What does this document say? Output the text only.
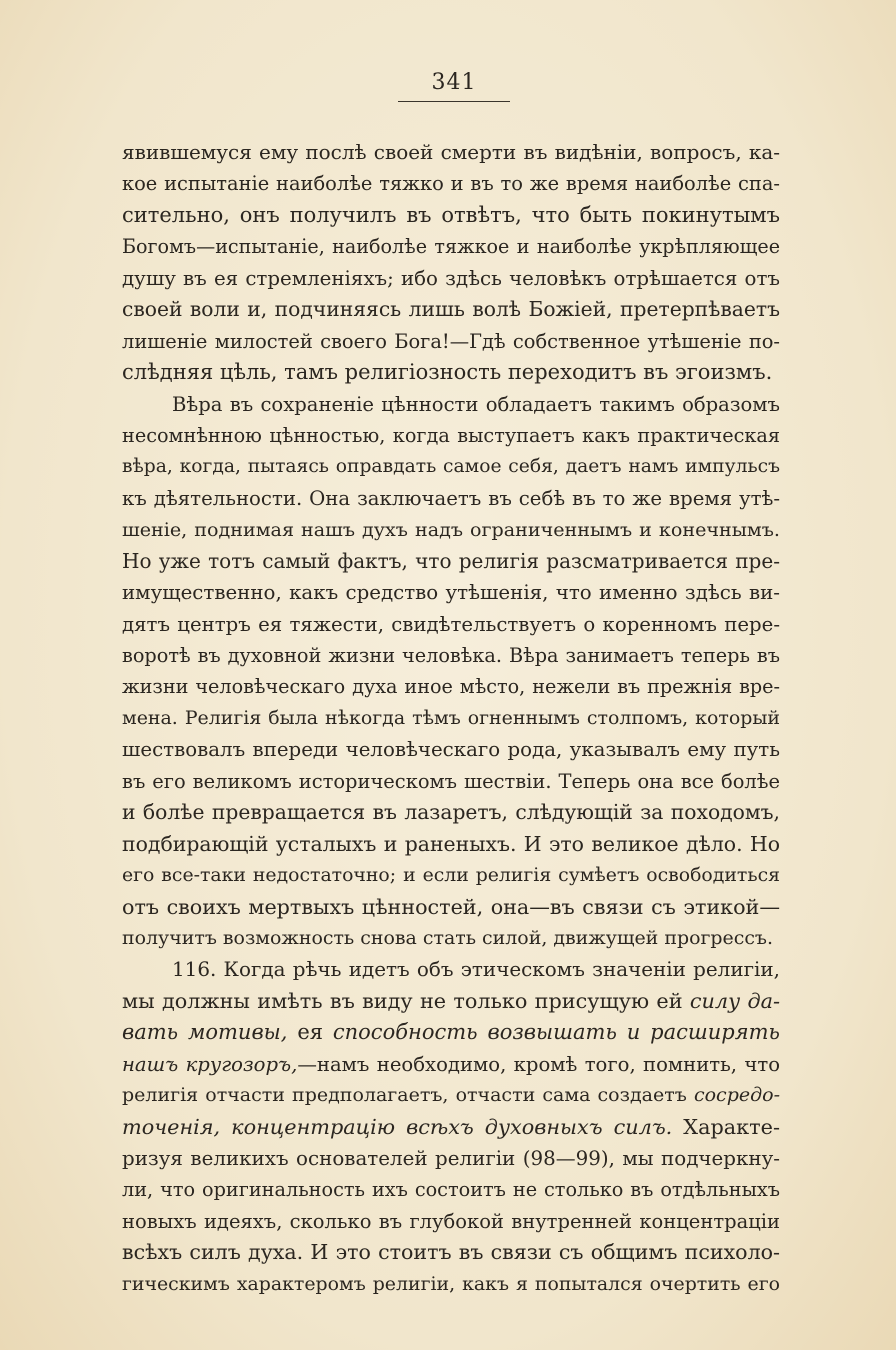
341
явившемуся ему послѣ своей смерти въ видѣніи, вопросъ, ка-
кое испытаніе наиболѣе тяжко и въ то же время наиболѣе спа-
сительно, онъ получилъ въ отвѣтъ, что быть покинутымъ
Богомъ—испытаніе, наиболѣе тяжкое и наиболѣе укрѣпляющее
душу въ ея стремленіяхъ; ибо здѣсь человѣкъ отрѣшается отъ
своей воли и, подчиняясь лишь волѣ Божіей, претерпѣваетъ
лишеніе милостей своего Бога!—Гдѣ собственное утѣшеніе по-
слѣдняя цѣль, тамъ религіозность переходитъ въ эгоизмъ.
Вѣра въ сохраненіе цѣнности обладаетъ такимъ образомъ
несомнѣнною цѣнностью, когда выступаетъ какъ практическая
вѣра, когда, пытаясь оправдать самое себя, даетъ намъ импульсъ
къ дѣятельности. Она заключаетъ въ себѣ въ то же время утѣ-
шеніе, поднимая нашъ духъ надъ ограниченнымъ и конечнымъ.
Но уже тотъ самый фактъ, что религія разсматривается пре-
имущественно, какъ средство утѣшенія, что именно здѣсь ви-
дятъ центръ ея тяжести, свидѣтельствуетъ о коренномъ пере-
воротѣ въ духовной жизни человѣка. Вѣра занимаетъ теперь въ
жизни человѣческаго духа иное мѣсто, нежели въ прежнія вре-
мена. Религія была нѣкогда тѣмъ огненнымъ столпомъ, который
шествовалъ впереди человѣческаго рода, указывалъ ему путь
въ его великомъ историческомъ шествіи. Теперь она все болѣе
и болѣе превращается въ лазаретъ, слѣдующій за походомъ,
подбирающій усталыхъ и раненыхъ. И это великое дѣло. Но
его все-таки недостаточно; и если религія сумѣетъ освободиться
отъ своихъ мертвыхъ цѣнностей, она—въ связи съ этикой—
получитъ возможность снова стать силой, движущей прогрессъ.
116. Когда рѣчь идетъ объ этическомъ значеніи религіи,
мы должны имѣть въ виду не только присущую ей силу да-
вать мотивы, ея способность возвышать и расширять
нашъ кругозоръ,—намъ необходимо, кромѣ того, помнить, что
религія отчасти предполагаетъ, отчасти сама создаетъ сосредо-
точенія, концентрацію всѣхъ духовныхъ силъ. Характе-
ризуя великихъ основателей религіи (98—99), мы подчеркну-
ли, что оригинальность ихъ состоитъ не столько въ отдѣльныхъ
новыхъ идеяхъ, сколько въ глубокой внутренней концентраціи
всѣхъ силъ духа. И это стоитъ въ связи съ общимъ психоло-
гическимъ характеромъ религіи, какъ я попытался очертить его
